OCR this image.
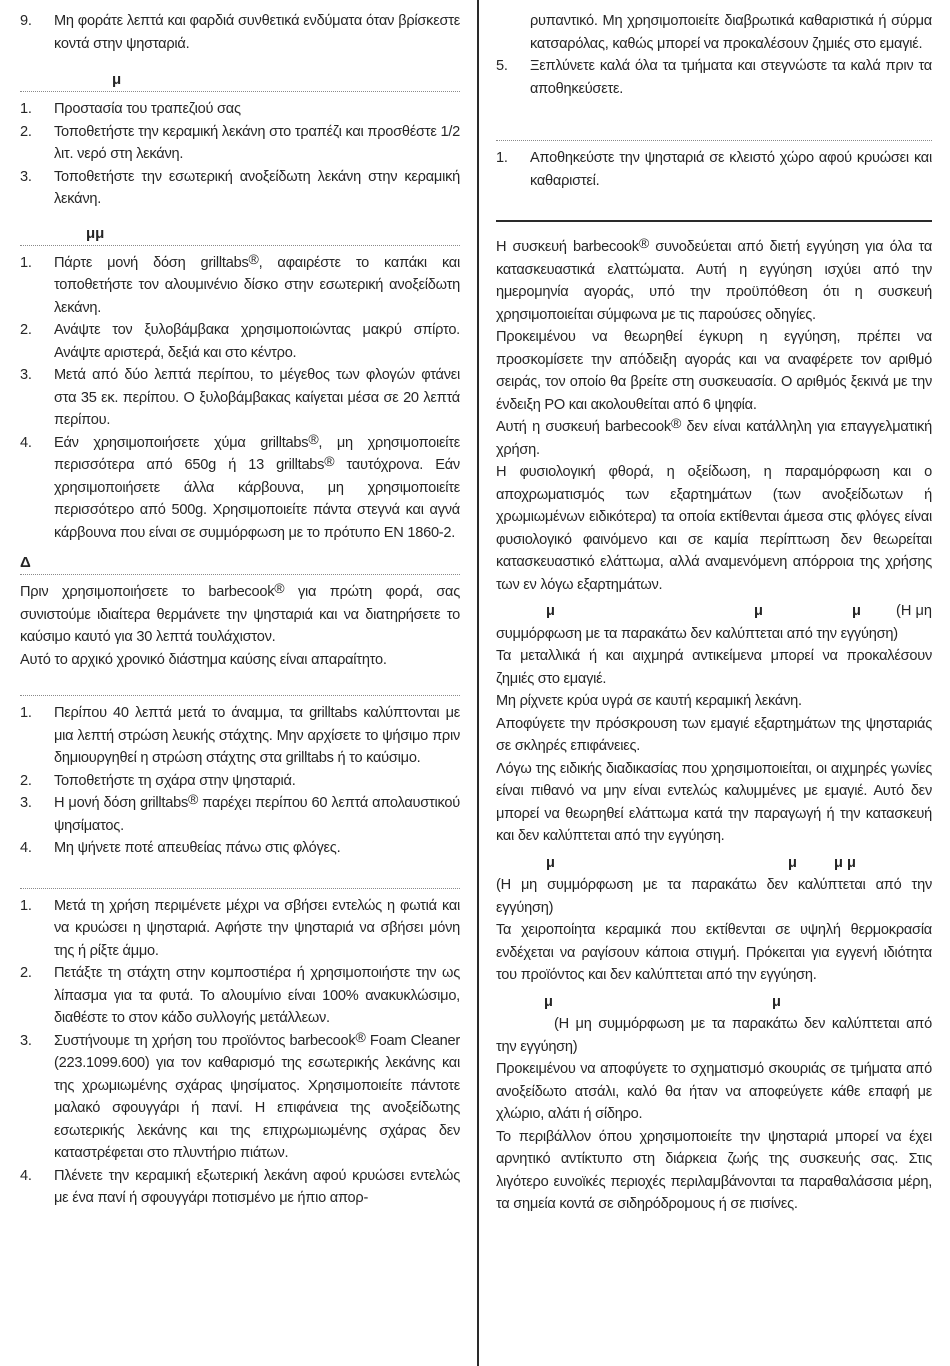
9. Μη φοράτε λεπτά και φαρδιά συνθετικά ενδύματα όταν βρίσκεστε κοντά στην ψησταριά.
μ
1. Προστασία του τραπεζιού σας
2. Τοποθετήστε την κεραμική λεκάνη στο τραπέζι και προσθέστε 1/2 λιτ. νερό στη λεκάνη.
3. Τοποθετήστε την εσωτερική ανοξείδωτη λεκάνη στην κεραμική λεκάνη.
μμ
1. Πάρτε μονή δόση grilltabs®, αφαιρέστε το καπάκι και τοποθετήστε τον αλουμινένιο δίσκο στην εσωτερική ανοξείδωτη λεκάνη.
2. Ανάψτε τον ξυλοβάμβακα χρησιμοποιώντας μακρύ σπίρτο. Ανάψτε αριστερά, δεξιά και στο κέντρο.
3. Μετά από δύο λεπτά περίπου, το μέγεθος των φλογών φτάνει στα 35 εκ. περίπου. Ο ξυλοβάμβακας καίγεται μέσα σε 20 λεπτά περίπου.
4. Εάν χρησιμοποιήσετε χύμα grilltabs®, μη χρησιμοποιείτε περισσότερα από 650g ή 13 grilltabs® ταυτόχρονα. Εάν χρησιμοποιήσετε άλλα κάρβουνα, μη χρησιμοποιείτε περισσότερο από 500g. Χρησιμοποιείτε πάντα στεγνά και αγνά κάρβουνα που είναι σε συμμόρφωση με το πρότυπο EN 1860-2.
Δ

Πριν χρησιμοποιήσετε το barbecook® για πρώτη φορά, σας συνιστούμε ιδιαίτερα θερμάνετε την ψησταριά και να διατηρήσετε το καύσιμο καυτό για 30 λεπτά τουλάχιστον.

Αυτό το αρχικό χρονικό διάστημα καύσης είναι απαραίτητο.

1. Περίπου 40 λεπτά μετά το άναμμα, τα grilltabs καλύπτονται με μια λεπτή στρώση λευκής στάχτης. Μην αρχίσετε το ψήσιμο πριν δημιουργηθεί η στρώση στάχτης στα grilltabs ή το καύσιμο.
2. Τοποθετήστε τη σχάρα στην ψησταριά.
3. Η μονή δόση grilltabs® παρέχει περίπου 60 λεπτά απολαυστικού ψησίματος.
4. Μη ψήνετε ποτέ απευθείας πάνω στις φλόγες.
1. Μετά τη χρήση περιμένετε μέχρι να σβήσει εντελώς η φωτιά και να κρυώσει η ψησταριά. Αφήστε την ψησταριά να σβήσει μόνη της ή ρίξτε άμμο.
2. Πετάξτε τη στάχτη στην κομποστιέρα ή χρησιμοποιήστε την ως λίπασμα για τα φυτά. Το αλουμίνιο είναι 100% ανακυκλώσιμο, διαθέστε το στον κάδο συλλογής μετάλλεων.
3. Συστήνουμε τη χρήση του προϊόντος barbecook® Foam Cleaner (223.1099.600) για τον καθαρισμό της εσωτερικής λεκάνης και της χρωμιωμένης σχάρας ψησίματος. Χρησιμοποιείτε πάντοτε μαλακό σφουγγάρι ή πανί. Η επιφάνεια της ανοξείδωτης εσωτερικής λεκάνης και της επιχρωμιωμένης σχάρας δεν καταστρέφεται στο πλυντήριο πιάτων.
4. Πλένετε την κεραμική εξωτερική λεκάνη αφού κρυώσει εντελώς με ένα πανί ή σφουγγάρι ποτισμένο με ήπιο απορ-
ρυπαντικό. Μη χρησιμοποιείτε διαβρωτικά καθαριστικά ή σύρμα κατσαρόλας, καθώς μπορεί να προκαλέσουν ζημιές στο εμαγιέ.
5. Ξεπλύνετε καλά όλα τα τμήματα και στεγνώστε τα καλά πριν τα αποθηκεύσετε.
1. Αποθηκεύστε την ψησταριά σε κλειστό χώρο αφού κρυώσει και καθαριστεί.

Η συσκευή barbecook® συνοδεύεται από διετή εγγύηση για όλα τα κατασκευαστικά ελαττώματα. Αυτή η εγγύηση ισχύει από την ημερομηνία αγοράς, υπό την προϋπόθεση ότι η συσκευή χρησιμοποιείται σύμφωνα με τις παρούσες οδηγίες.

Προκειμένου να θεωρηθεί έγκυρη η εγγύηση, πρέπει να προσκομίσετε την απόδειξη αγοράς και να αναφέρετε τον αριθμό σειράς, τον οποίο θα βρείτε στη συσκευασία. Ο αριθμός ξεκινά με την ένδειξη PO και ακολουθείται από 6 ψηφία.

Αυτή η συσκευή barbecook® δεν είναι κατάλληλη για επαγγελματική χρήση.

Η φυσιολογική φθορά, η οξείδωση, η παραμόρφωση και ο αποχρωματισμός των εξαρτημάτων (των ανοξείδωτων ή χρωμιωμένων ειδικότερα) τα οποία εκτίθενται άμεσα στις φλόγες είναι φυσιολογικό φαινόμενο και σε καμία περίπτωση δεν θεωρείται κατασκευαστικό ελάττωμα, αλλά αναμενόμενη απόρροια της χρήσης των εν λόγω εξαρτημάτων.

μ	μ	μ (Η μη

συμμόρφωση με τα παρακάτω δεν καλύπτεται από την εγγύηση)

Τα μεταλλικά ή και αιχμηρά αντικείμενα μπορεί να προκαλέσουν ζημιές στο εμαγιέ.

Μη ρίχνετε κρύα υγρά σε καυτή κεραμική λεκάνη.

Αποφύγετε την πρόσκρουση των εμαγιέ εξαρτημάτων της ψησταριάς σε σκληρές επιφάνειες.

Λόγω της ειδικής διαδικασίας που χρησιμοποιείται, οι αιχμηρές γωνίες είναι πιθανό να μην είναι εντελώς καλυμμένες με εμαγιέ. Αυτό δεν μπορεί να θεωρηθεί ελάττωμα κατά την παραγωγή ή την κατασκευή και δεν καλύπτεται από την εγγύηση.

μ	μ	μ μ

(Η μη συμμόρφωση με τα παρακάτω δεν καλύπτεται από την εγγύηση)

Τα χειροποίητα κεραμικά που εκτίθενται σε υψηλή θερμοκρασία ενδέχεται να ραγίσουν κάποια στιγμή. Πρόκειται για εγγενή ιδιότητα του προϊόντος και δεν καλύπτεται από την εγγύηση.

μ	μ

(Η μη συμμόρφωση με τα παρακάτω δεν καλύπτεται από την εγγύηση)

Προκειμένου να αποφύγετε το σχηματισμό σκουριάς σε τμήματα από ανοξείδωτο ατσάλι, καλό θα ήταν να αποφεύγετε κάθε επαφή με χλώριο, αλάτι ή σίδηρο.

Το περιβάλλον όπου χρησιμοποιείτε την ψησταριά μπορεί να έχει αρνητικό αντίκτυπο στη διάρκεια ζωής της συσκευής σας. Στις λιγότερο ευνοϊκές περιοχές περιλαμβάνονται τα παραθαλάσσια μέρη, τα σημεία κοντά σε σιδηρόδρομους ή σε πισίνες.
